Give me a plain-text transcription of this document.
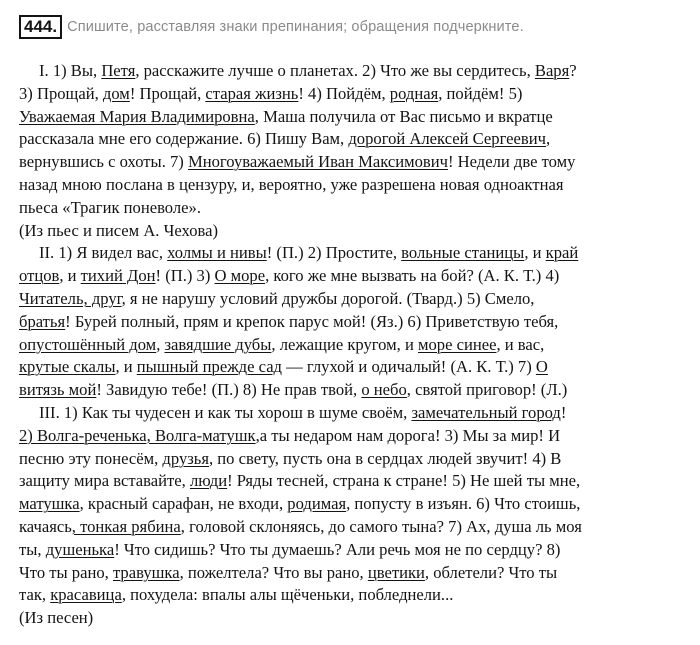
444. Спишите, расставляя знаки препинания; обращения подчеркните.
I. 1) Вы, Петя, расскажите лучше о планетах. 2) Что же вы сердитесь, Варя?
3) Прощай, дом! Прощай, старая жизнь! 4) Пойдём, родная, пойдём! 5)
Уважаемая Мария Владимировна, Маша получила от Вас письмо и вкратце
рассказала мне его содержание. 6) Пишу Вам, дорогой Алексей Сергеевич,
вернувшись с охоты. 7) Многоуважаемый Иван Максимович! Недели две тому
назад мною послана в цензуру, и, вероятно, уже разрешена новая одноактная
пьеса «Трагик поневоле».
(Из пьес и писем А. Чехова)
II. 1) Я видел вас, холмы и нивы! (П.) 2) Простите, вольные станицы, и край
отцов, и тихий Дон! (П.) 3) О море, кого же мне вызвать на бой? (А. К. Т.) 4)
Читатель, друг, я не нарушу условий дружбы дорогой. (Твард.) 5) Смело,
братья! Бурей полный, прям и крепок парус мой! (Яз.) 6) Приветствую тебя,
опустошённый дом, завядшие дубы, лежащие кругом, и море синее, и вас,
крутые скалы, и пышный прежде сад — глухой и одичалый! (А. К. Т.) 7) О
витязь мой! Завидую тебе! (П.) 8) Не прав твой, о небо, святой приговор! (Л.)
III. 1) Как ты чудесен и как ты хорош в шуме своём, замечательный город!
2) Волга-реченька, Волга-матушк,а ты недаром нам дорога! 3) Мы за мир! И
песню эту понесём, друзья, по свету, пусть она в сердцах людей звучит! 4) В
защиту мира вставайте, люди! Ряды тесней, страна к стране! 5) Не шей ты мне,
матушка, красный сарафан, не входи, родимая, попусту в изъян. 6) Что стоишь,
качаясь, тонкая рябина, головой склоняясь, до самого тына? 7) Ах, душа ль моя
ты, душенька! Что сидишь? Что ты думаешь? Али речь моя не по сердцу? 8)
Что ты рано, травушка, пожелтела? Что вы рано, цветики, облетели? Что ты
так, красавица, похудела: впалы алы щёченьки, побледнели...
(Из песен)
